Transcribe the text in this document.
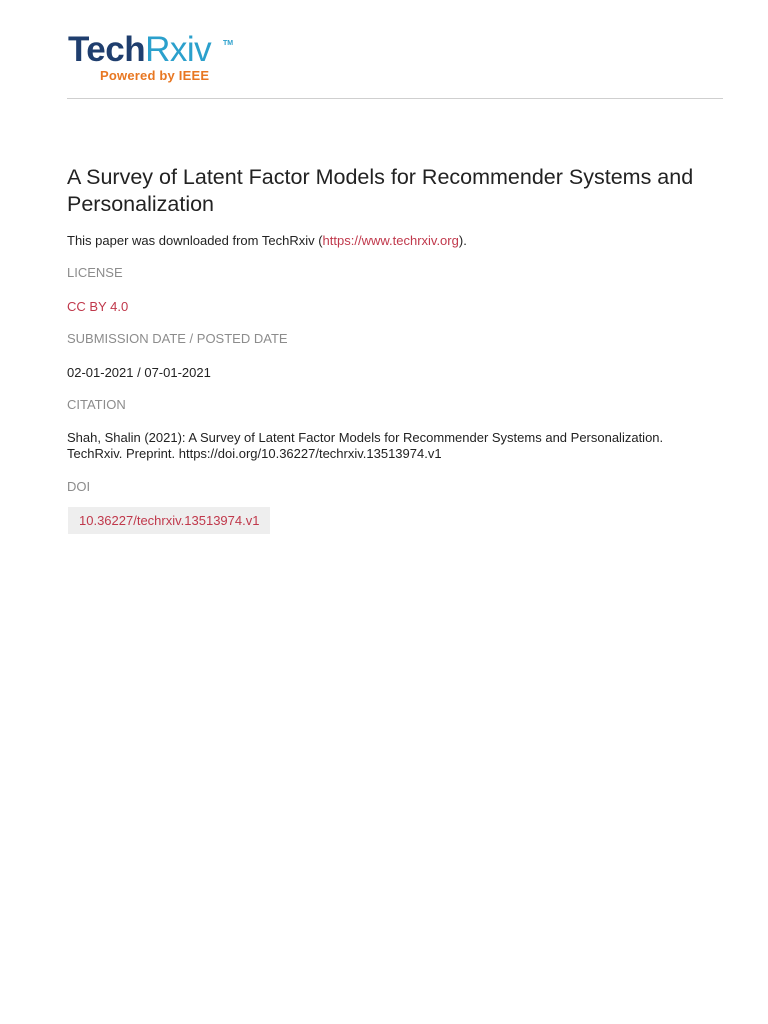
TechRxiv TM
Powered by IEEE
A Survey of Latent Factor Models for Recommender Systems and Personalization
This paper was downloaded from TechRxiv (https://www.techrxiv.org).
LICENSE
CC BY 4.0
SUBMISSION DATE / POSTED DATE
02-01-2021 / 07-01-2021
CITATION
Shah, Shalin (2021): A Survey of Latent Factor Models for Recommender Systems and Personalization.
TechRxiv. Preprint. https://doi.org/10.36227/techrxiv.13513974.v1
DOI
10.36227/techrxiv.13513974.v1
